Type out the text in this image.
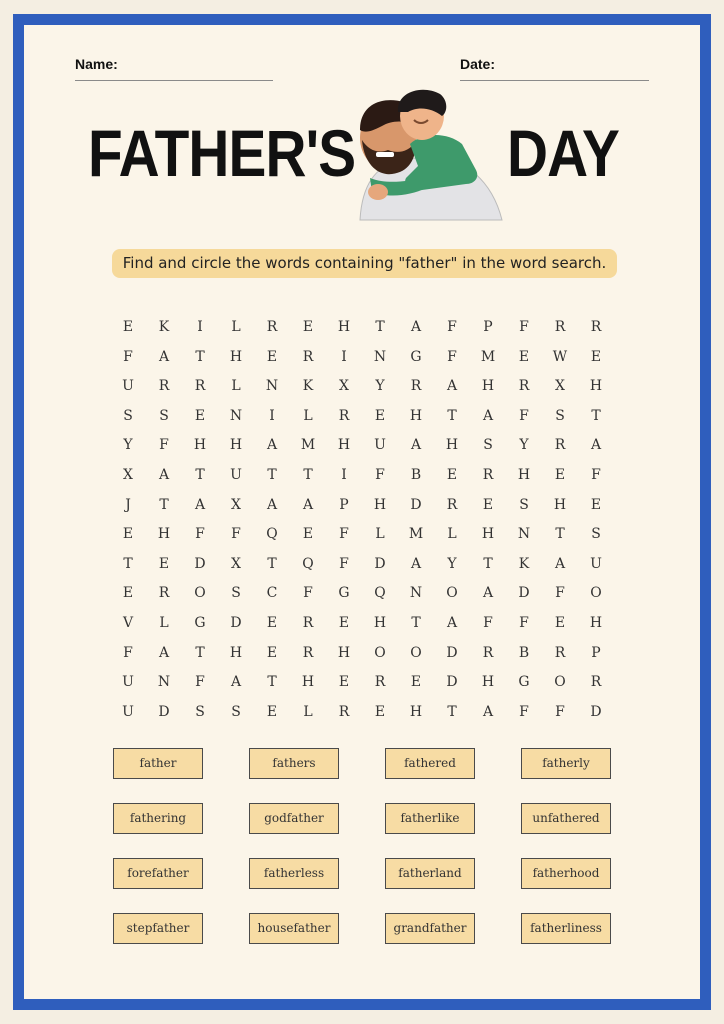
Name:	Date:
FATHER'S DAY
Find and circle the words containing "father" in the word search.
E	K	I	L	R	E	H	T	A	F	P	F	R	R
F	A	T	H	E	R	I	N	G	F	M	E	W	E
U	R	R	L	N	K	X	Y	R	A	H	R	X	H
S	S	E	N	I	L	R	E	H	T	A	F	S	T
Y	F	H	H	A	M	H	U	A	H	S	Y	R	A
X	A	T	U	T	T	I	F	B	E	R	H	E	F
J	T	A	X	A	A	P	H	D	R	E	S	H	E
E	H	F	F	Q	E	F	L	M	L	H	N	T	S
T	E	D	X	T	Q	F	D	A	Y	T	K	A	U
E	R	O	S	C	F	G	Q	N	O	A	D	F	O
V	L	G	D	E	R	E	H	T	A	F	F	E	H
F	A	T	H	E	R	H	O	O	D	R	B	R	P
U	N	F	A	T	H	E	R	E	D	H	G	O	R
U	D	S	S	E	L	R	E	H	T	A	F	F	D
father	fathers	fathered	fatherly
fathering	godfather	fatherlike	unfathered
forefather	fatherless	fatherland	fatherhood
stepfather	housefather	grandfather	fatherliness
